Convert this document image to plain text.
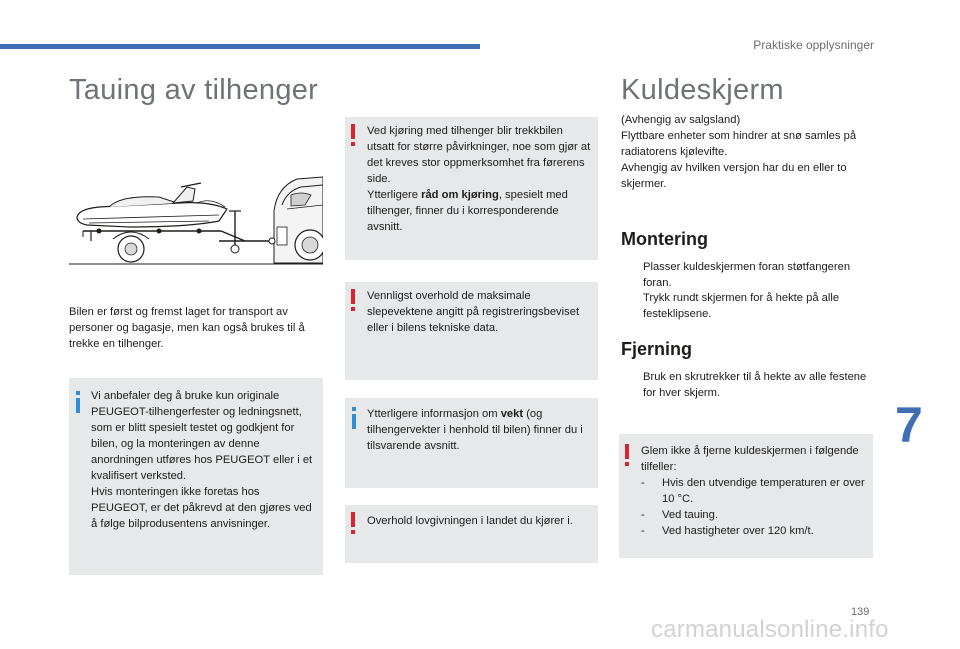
Praktiske opplysninger
Tauing av tilhenger
Bilen er først og fremst laget for transport av personer og bagasje, men kan også brukes til å trekke en tilhenger.

Vi anbefaler deg å bruke kun originale PEUGEOT-tilhengerfester og ledningsnett, som er blitt spesielt testet og godkjent for bilen, og la monteringen av denne anordningen utføres hos PEUGEOT eller i et kvalifisert verksted.

Hvis monteringen ikke foretas hos PEUGEOT, er det påkrevd at den gjøres ved å følge bilprodusentens anvisninger.

Ved kjøring med tilhenger blir trekkbilen utsatt for større påvirkninger, noe som gjør at det kreves stor oppmerksomhet fra førerens side.

Ytterligere råd om kjøring, spesielt med tilhenger, finner du i korresponderende avsnitt.

Vennligst overhold de maksimale slepevektene angitt på registreringsbeviset eller i bilens tekniske data.
Ytterligere informasjon om vekt (og tilhengervekter i henhold til bilen) finner du i tilsvarende avsnitt.
Overhold lovgivningen i landet du kjører i.
Kuldeskjerm

(Avhengig av salgsland)

Flyttbare enheter som hindrer at snø samles på radiatorens kjølevifte.

Avhengig av hvilken versjon har du en eller to skjermer.

Montering
Plasser kuldeskjermen foran støtfangeren foran.
Trykk rundt skjermen for å hekte på alle festeklipsene.
Fjerning
Bruk en skrutrekker til å hekte av alle festene for hver skjerm.

Glem ikke å fjerne kuldeskjermen i følgende tilfeller:

- Hvis den utvendige temperaturen er over 10 °C.
- Ved tauing.
- Ved hastigheter over 120 km/t.
7
139
carmanualsonline.info
